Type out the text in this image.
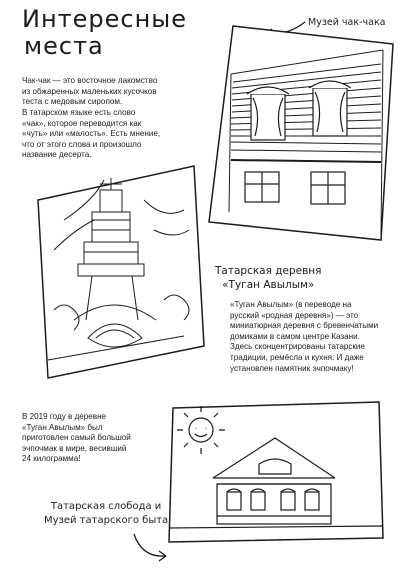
Интересные
места
Чак-чак — это восточное лакомство
из обжаренных маленьких кусочков
теста с медовым сиропом.
В татарском языке есть слово
«чак», которое переводится как
«чуть» или «малость». Есть мнение,
что от этого слова и произошло
название десерта.
Музей чак-чака
Татарская деревня
«Туган Авылым»
«Туган Авылым» (в переводе на
русский «родная деревня») — это
миниатюрная деревня с бревенчатыми
домиками в самом центре Казани.
Здесь сконцентрированы татарские
традиции, ремёсла и кухня. И даже
установлен памятник эчпочмаку!
В 2019 году в деревне
«Туган Авылым» был
приготовлен самый большой
эчпочмак в мире, весивший
24 килограмма!
Татарская слобода и
Музей татарского быта
